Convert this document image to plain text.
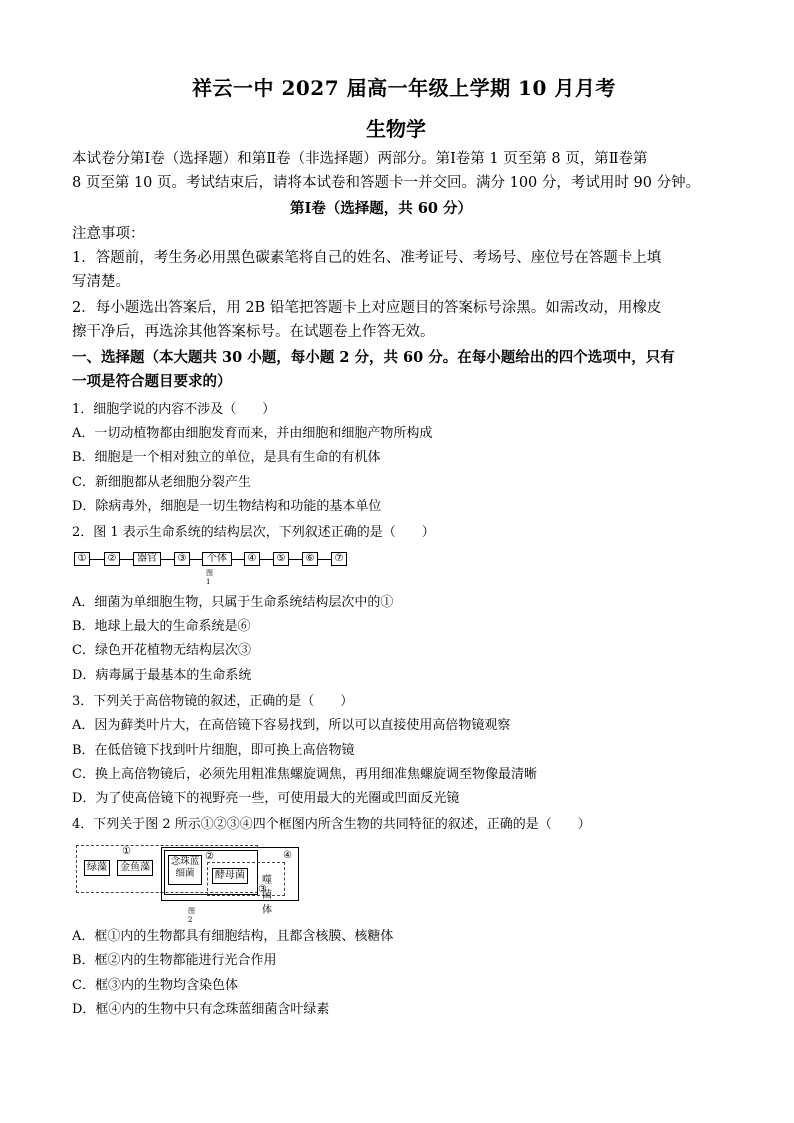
祥云一中 2027 届高一年级上学期 10 月月考
生物学
本试卷分第Ⅰ卷（选择题）和第Ⅱ卷（非选择题）两部分。第Ⅰ卷第 1 页至第 8 页，第Ⅱ卷第
8 页至第 10 页。考试结束后，请将本试卷和答题卡一并交回。满分 100 分，考试用时 90 分钟。
第Ⅰ卷（选择题，共 60 分）
注意事项：
1．答题前，考生务必用黑色碳素笔将自己的姓名、准考证号、考场号、座位号在答题卡上填
写清楚。
2．每小题选出答案后，用 2B 铅笔把答题卡上对应题目的答案标号涂黑。如需改动，用橡皮
擦干净后，再选涂其他答案标号。在试题卷上作答无效。
一、选择题（本大题共 30 小题，每小题 2 分，共 60 分。在每小题给出的四个选项中，只有
一项是符合题目要求的）
1．细胞学说的内容不涉及（　　）
A．一切动植物都由细胞发育而来，并由细胞和细胞产物所构成
B．细胞是一个相对独立的单位，是具有生命的有机体
C．新细胞都从老细胞分裂产生
D．除病毒外，细胞是一切生物结构和功能的基本单位
2．图 1 表示生命系统的结构层次，下列叙述正确的是（　　）
①	②	器官	③	个体	④	⑤	⑥	⑦
图 1
A．细菌为单细胞生物，只属于生命系统结构层次中的①
B．地球上最大的生命系统是⑥
C．绿色开花植物无结构层次③
D．病毒属于最基本的生命系统
3．下列关于高倍物镜的叙述，正确的是（　　）
A．因为藓类叶片大，在高倍镜下容易找到，所以可以直接使用高倍物镜观察
B．在低倍镜下找到叶片细胞，即可换上高倍物镜
C．换上高倍物镜后，必须先用粗准焦螺旋调焦，再用细准焦螺旋调至物像最清晰
D．为了使高倍镜下的视野亮一些，可使用最大的光圈或凹面反光镜
4．下列关于图 2 所示①②③④四个框图内所含生物的共同特征的叙述，正确的是（　　）
①	②	④
③
绿藻	金鱼藻
念珠蓝细菌	酵母菌	噬菌体
图 2
A．框①内的生物都具有细胞结构，且都含核膜、核糖体
B．框②内的生物都能进行光合作用
C．框③内的生物均含染色体
D．框④内的生物中只有念珠蓝细菌含叶绿素
